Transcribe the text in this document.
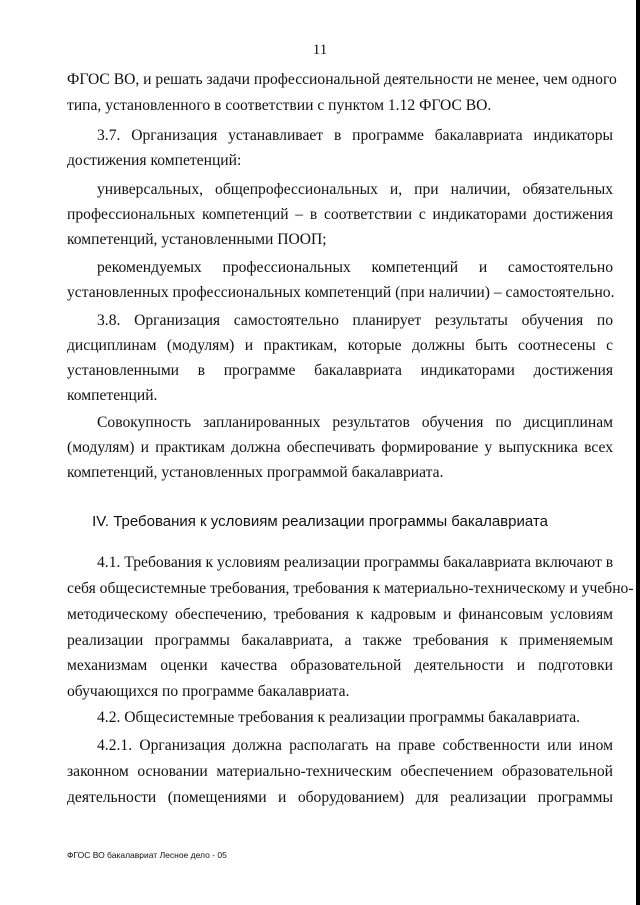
11
ФГОС ВО, и решать задачи профессиональной деятельности не менее, чем одного
типа, установленного в соответствии с пунктом 1.12 ФГОС ВО.
3.7. Организация устанавливает в программе бакалавриата индикаторы
достижения компетенций:
универсальных, общепрофессиональных и, при наличии, обязательных
профессиональных компетенций – в соответствии с индикаторами достижения
компетенций, установленными ПООП;
рекомендуемых профессиональных компетенций и самостоятельно
установленных профессиональных компетенций (при наличии) – самостоятельно.
3.8. Организация самостоятельно планирует результаты обучения по
дисциплинам (модулям) и практикам, которые должны быть соотнесены с
установленными в программе бакалавриата индикаторами достижения
компетенций.
Совокупность запланированных результатов обучения по дисциплинам
(модулям) и практикам должна обеспечивать формирование у выпускника всех
компетенций, установленных программой бакалавриата.
IV. Требования к условиям реализации программы бакалавриата
4.1. Требования к условиям реализации программы бакалавриата включают в
себя общесистемные требования, требования к материально-техническому и учебно-
методическому обеспечению, требования к кадровым и финансовым условиям
реализации программы бакалавриата, а также требования к применяемым
механизмам оценки качества образовательной деятельности и подготовки
обучающихся по программе бакалавриата.
4.2. Общесистемные требования к реализации программы бакалавриата.
4.2.1. Организация должна располагать на праве собственности или ином
законном основании материально-техническим обеспечением образовательной
деятельности (помещениями и оборудованием) для реализации программы
ФГОС ВО бакалавриат Лесное дело - 05
